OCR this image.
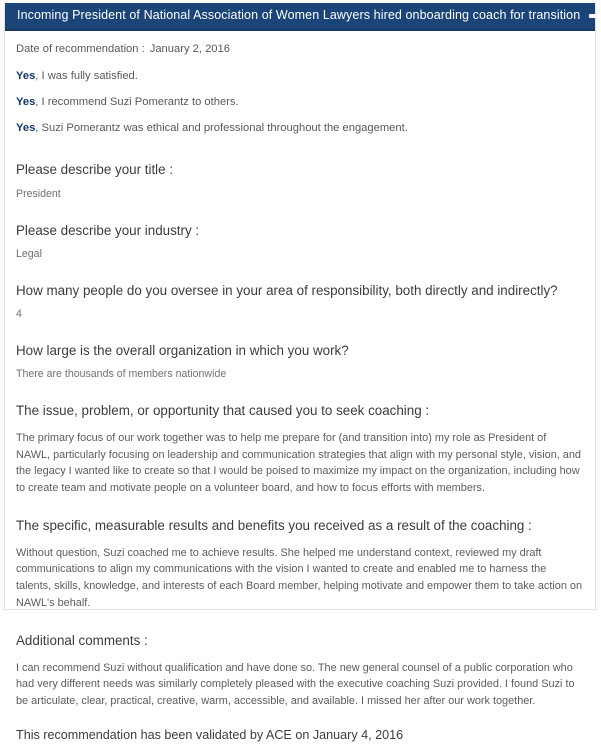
Incoming President of National Association of Women Lawyers hired onboarding coach for transition
Date of recommendation : January 2, 2016
Yes, I was fully satisfied.
Yes, I recommend Suzi Pomerantz to others.
Yes, Suzi Pomerantz was ethical and professional throughout the engagement.
Please describe your title :
President
Please describe your industry :
Legal
How many people do you oversee in your area of responsibility, both directly and indirectly?
4
How large is the overall organization in which you work?
There are thousands of members nationwide
The issue, problem, or opportunity that caused you to seek coaching :
The primary focus of our work together was to help me prepare for (and transition into) my role as President of NAWL, particularly focusing on leadership and communication strategies that align with my personal style, vision, and the legacy I wanted like to create so that I would be poised to maximize my impact on the organization, including how to create team and motivate people on a volunteer board, and how to focus efforts with members.
The specific, measurable results and benefits you received as a result of the coaching :
Without question, Suzi coached me to achieve results. She helped me understand context, reviewed my draft communications to align my communications with the vision I wanted to create and enabled me to harness the talents, skills, knowledge, and interests of each Board member, helping motivate and empower them to take action on NAWL's behalf.
Additional comments :
I can recommend Suzi without qualification and have done so. The new general counsel of a public corporation who had very different needs was similarly completely pleased with the executive coaching Suzi provided. I found Suzi to be articulate, clear, practical, creative, warm, accessible, and available. I missed her after our work together.
This recommendation has been validated by ACE on January 4, 2016
